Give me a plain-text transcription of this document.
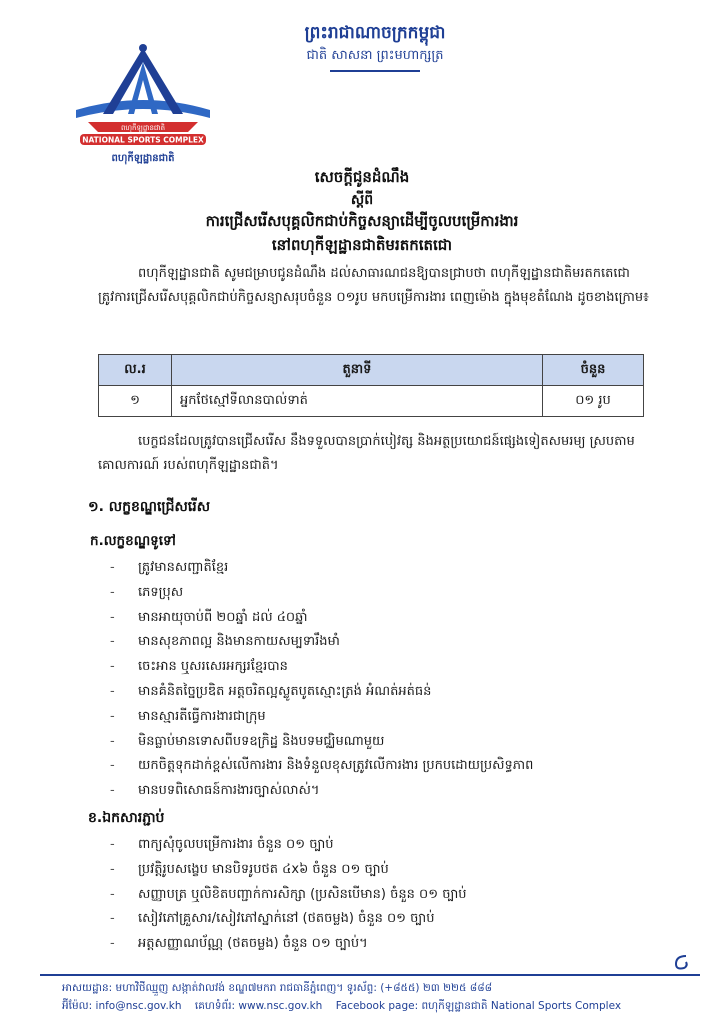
ពហុកីឡដ្ឋានជាតិ
NATIONAL SPORTS COMPLEX
ពហុកីឡដ្ឋានជាតិ
ព្រះរាជាណាចក្រកម្ពុជា
ជាតិ សាសនា ព្រះមហាក្សត្រ
សេចក្តីជូនដំណឹង
ស្តីពី
ការជ្រើសរើសបុគ្គលិកជាប់កិច្ចសន្យាដើម្បីចូលបម្រើការងារ
នៅពហុកីឡដ្ឋានជាតិមរតកតេជោ
ពហុកីឡដ្ឋានជាតិ សូមជម្រាបជូនដំណឹង ដល់សាធារណជនឱ្យបានជ្រាបថា ពហុកីឡដ្ឋានជាតិមរតកតេជោ ត្រូវការជ្រើសរើសបុគ្គលិកជាប់កិច្ចសន្យាសរុបចំនួន ០១រូប មកបម្រើការងារ ពេញម៉ោង ក្នុងមុខតំណែង ដូចខាងក្រោម៖
ល.រ	តួនាទី	ចំនួន
១	អ្នកថែស្មៅទីលានបាល់ទាត់	០១ រូប
បេក្ខជនដែលត្រូវបានជ្រើសរើស នឹងទទួលបានប្រាក់បៀវត្ស និងអត្ថប្រយោជន៍ផ្សេងទៀតសមរម្យ ស្របតាមគោលការណ៍ របស់ពហុកីឡដ្ឋានជាតិ។
១. លក្ខខណ្ឌជ្រើសរើស
ក.លក្ខខណ្ឌទូទៅ
- ត្រូវមានសញ្ជាតិខ្មែរ
- ភេទប្រុស
- មានអាយុចាប់ពី ២០ឆ្នាំ ដល់ ៤០ឆ្នាំ
- មានសុខភាពល្អ និងមានកាយសម្បទារឹងមាំ
- ចេះអាន ឬសរសេរអក្សរខ្មែរបាន
- មានគំនិតច្នៃប្រឌិត អត្តចរិតល្អស្លូតបូតស្មោះត្រង់ អំណត់អត់ធន់
- មានស្មារតីធ្វើការងារជាក្រុម
- មិនធ្លាប់មានទោសពីបទឧក្រិដ្ឋ និងបទមជ្ឈិមណាមួយ
- យកចិត្តទុកដាក់ខ្ពស់លើការងារ និងទំនួលខុសត្រូវលើការងារ ប្រកបដោយប្រសិទ្ធភាព
- មានបទពិសោធន៍ការងារច្បាស់លាស់។
ខ.ឯកសារភ្ជាប់
- ពាក្យសុំចូលបម្រើការងារ ចំនួន ០១ ច្បាប់
- ប្រវត្តិរូបសង្ខេប មានបិទរូបថត ៤x៦ ចំនួន ០១ ច្បាប់
- សញ្ញាបត្រ ឬលិខិតបញ្ជាក់ការសិក្សា (ប្រសិនបើមាន) ចំនួន ០១ ច្បាប់
- សៀវភៅគ្រួសារ/សៀវភៅស្នាក់នៅ (ថតចម្លង) ចំនួន ០១ ច្បាប់
- អត្តសញ្ញាណប័ណ្ណ (ថតចម្លង) ចំនួន ០១ ច្បាប់។
អាសយដ្ឋាន: មហាវិថីឈ្មួញ សង្កាត់វាលវង់ ខណ្ឌ៧មករា រាជធានីភ្នំពេញ។ ទូរស័ព្ទ: (+៨៥៥) ២៣ ២២៥ ៨៨៨
អ៊ីម៉ែល: info@nsc.gov.kh គេហទំព័រ: www.nsc.gov.kh Facebook page: ពហុកីឡដ្ឋានជាតិ National Sports Complex
